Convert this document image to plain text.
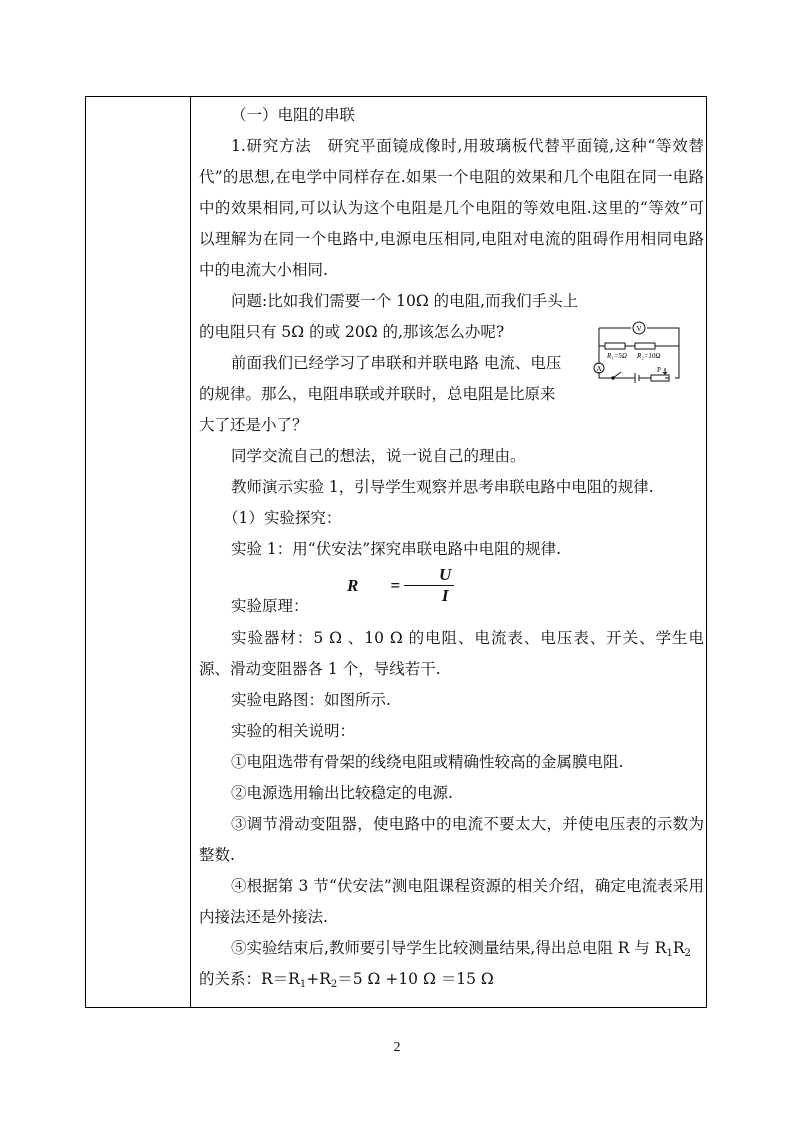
（一）电阻的串联

1.研究方法　研究平面镜成像时,用玻璃板代替平面镜,这种“等效替代”的思想,在电学中同样存在.如果一个电阻的效果和几个电阻在同一电路中的效果相同,可以认为这个电阻是几个电阻的等效电阻.这里的“等效”可以理解为在同一个电路中,电源电压相同,电阻对电流的阻碍作用相同电路中的电流大小相同.

问题:比如我们需要一个 10Ω 的电阻,而我们手头上

的电阻只有 5Ω 的或 20Ω 的,那该怎么办呢?

前面我们已经学习了串联和并联电路 电流、电压

的规律。那么，电阻串联或并联时，总电阻是比原来

大了还是小了？

同学交流自己的想法，说一说自己的理由。

教师演示实验 1，引导学生观察并思考串联电路中电阻的规律.

（1）实验探究：

实验 1：用“伏安法”探究串联电路中电阻的规律.

实验原理：
R	= $\frac{U}{I}$

实验器材：5 Ω 、10 Ω 的电阻、电流表、电压表、开关、学生电源、滑动变阻器各 1 个，导线若干.

实验电路图：如图所示.

实验的相关说明：

①电阻选带有骨架的线绕电阻或精确性较高的金属膜电阻.

②电源选用输出比较稳定的电源.

③调节滑动变阻器，使电路中的电流不要太大，并使电压表的示数为整数.

④根据第 3 节“伏安法”测电阻课程资源的相关介绍，确定电流表采用内接法还是外接法.

⑤实验结束后,教师要引导学生比较测量结果,得出总电阻 R 与 $R_1R_2$

的关系：$R=R_1+R_2=5$ Ω +10 Ω ＝15 Ω

V
A
R₁=5Ω R₂=10Ω
P
2
